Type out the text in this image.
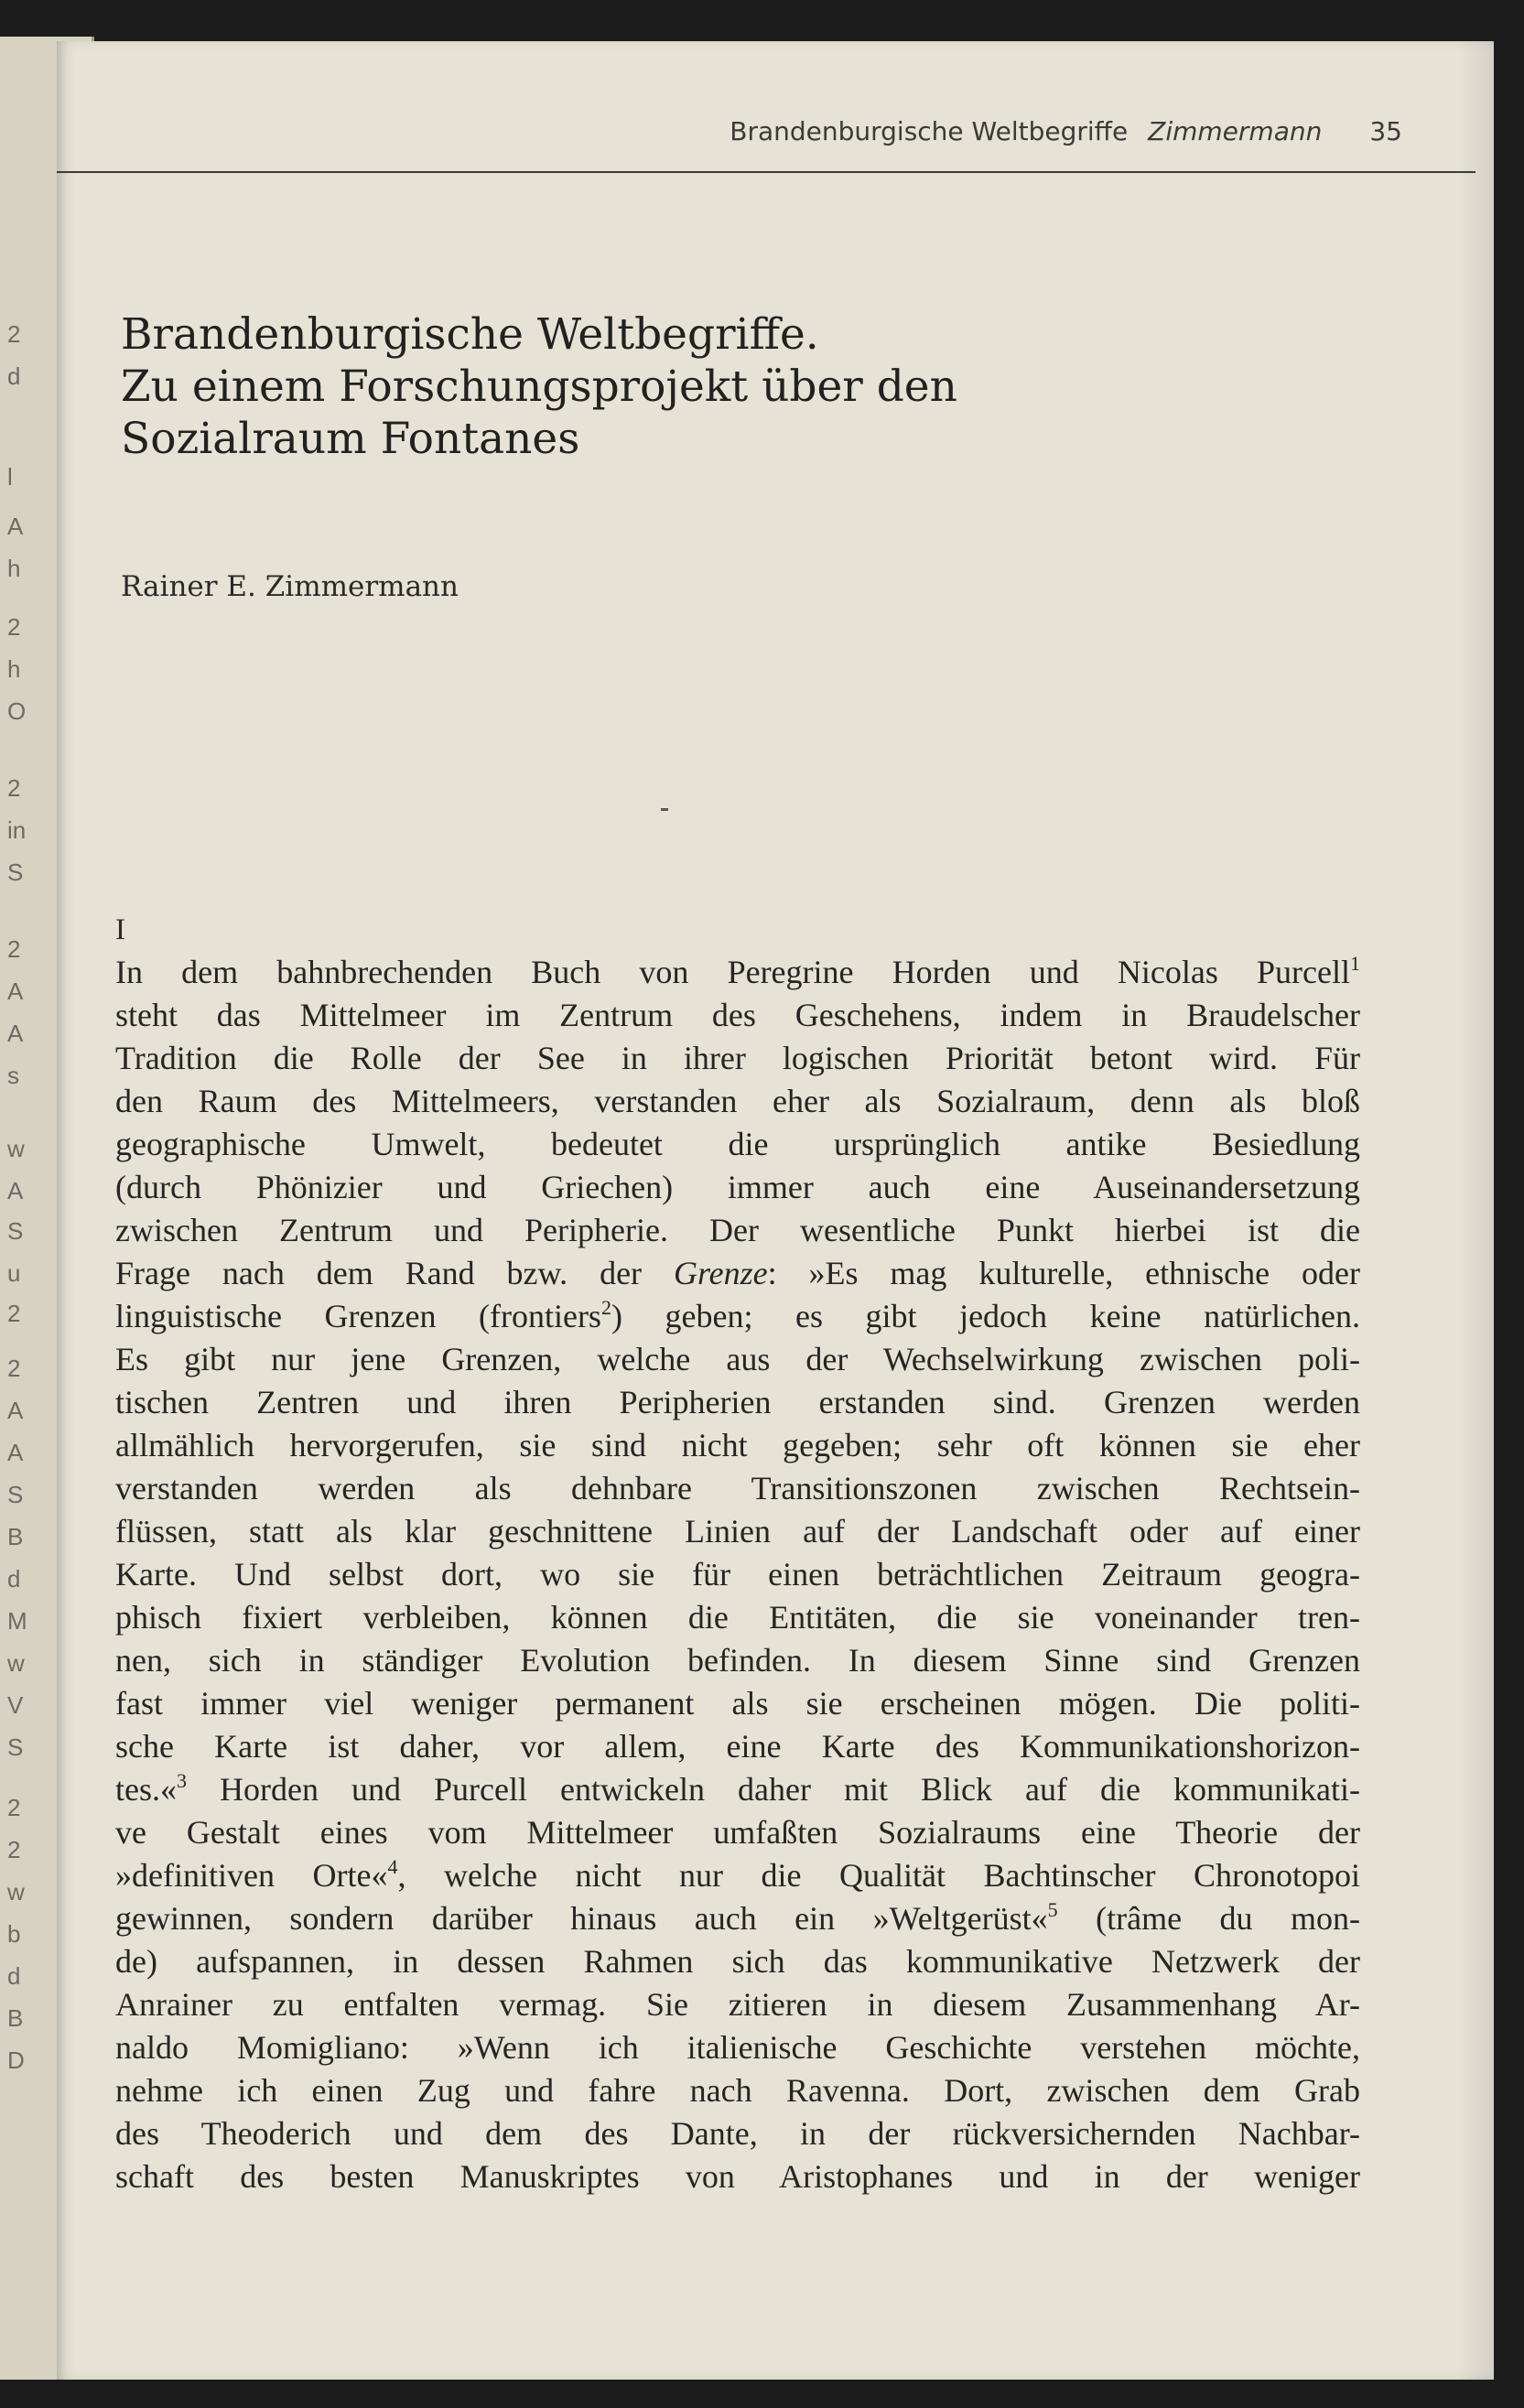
2
d
l
A
h
2
h
O
2
in
S
2
A
A
s
w
A
S
u
2
2
A
A
S
B
d
M
w
V
S
2
2
w
b
d
B
D
Brandenburgische Weltbegriffe Zimmermann 35
Brandenburgische Weltbegriffe.
Zu einem Forschungsprojekt über den
Sozialraum Fontanes
Rainer E. Zimmermann
I
In dem bahnbrechenden Buch von Peregrine Horden und Nicolas Purcell$^1$
steht das Mittelmeer im Zentrum des Geschehens, indem in Braudelscher
Tradition die Rolle der See in ihrer logischen Priorität betont wird. Für
den Raum des Mittelmeers, verstanden eher als Sozialraum, denn als bloß
geographische Umwelt, bedeutet die ursprünglich antike Besiedlung
(durch Phönizier und Griechen) immer auch eine Auseinandersetzung
zwischen Zentrum und Peripherie. Der wesentliche Punkt hierbei ist die
Frage nach dem Rand bzw. der Grenze: »Es mag kulturelle, ethnische oder
linguistische Grenzen (frontiers$^2$) geben; es gibt jedoch keine natürlichen.
Es gibt nur jene Grenzen, welche aus der Wechselwirkung zwischen poli-
tischen Zentren und ihren Peripherien erstanden sind. Grenzen werden
allmählich hervorgerufen, sie sind nicht gegeben; sehr oft können sie eher
verstanden werden als dehnbare Transitionszonen zwischen Rechtsein-
flüssen, statt als klar geschnittene Linien auf der Landschaft oder auf einer
Karte. Und selbst dort, wo sie für einen beträchtlichen Zeitraum geogra-
phisch fixiert verbleiben, können die Entitäten, die sie voneinander tren-
nen, sich in ständiger Evolution befinden. In diesem Sinne sind Grenzen
fast immer viel weniger permanent als sie erscheinen mögen. Die politi-
sche Karte ist daher, vor allem, eine Karte des Kommunikationshorizon-
tes.«$^3$ Horden und Purcell entwickeln daher mit Blick auf die kommunikati-
ve Gestalt eines vom Mittelmeer umfaßten Sozialraums eine Theorie der
»definitiven Orte«$^4$, welche nicht nur die Qualität Bachtinscher Chronotopoi
gewinnen, sondern darüber hinaus auch ein »Weltgerüst«$^5$ (trâme du mon-
de) aufspannen, in dessen Rahmen sich das kommunikative Netzwerk der
Anrainer zu entfalten vermag. Sie zitieren in diesem Zusammenhang Ar-
naldo Momigliano: »Wenn ich italienische Geschichte verstehen möchte,
nehme ich einen Zug und fahre nach Ravenna. Dort, zwischen dem Grab
des Theoderich und dem des Dante, in der rückversichernden Nachbar-
schaft des besten Manuskriptes von Aristophanes und in der weniger
